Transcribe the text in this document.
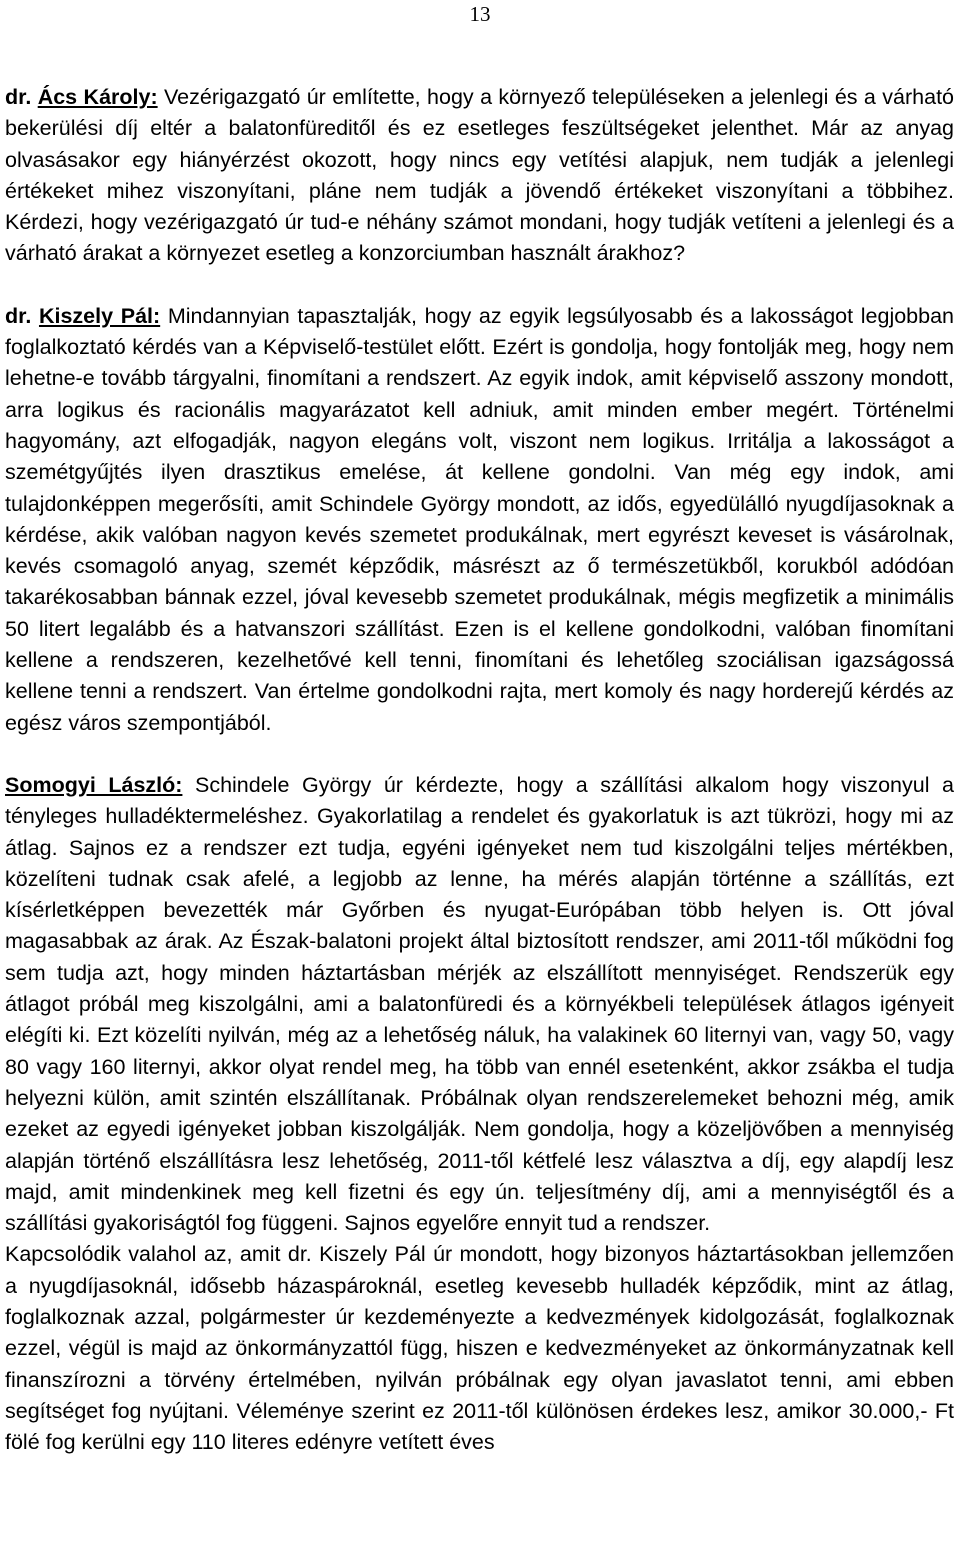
13

dr. Ács Károly: Vezérigazgató úr említette, hogy a környező településeken a jelenlegi és a várható bekerülési díj eltér a balatonfüreditől és ez esetleges feszültségeket jelenthet. Már az anyag olvasásakor egy hiányérzést okozott, hogy nincs egy vetítési alapjuk, nem tudják a jelenlegi értékeket mihez viszonyítani, pláne nem tudják a jövendő értékeket viszonyítani a többihez. Kérdezi, hogy vezérigazgató úr tud-e néhány számot mondani, hogy tudják vetíteni a jelenlegi és a várható árakat a környezet esetleg a konzorciumban használt árakhoz?

dr. Kiszely Pál: Mindannyian tapasztalják, hogy az egyik legsúlyosabb és a lakosságot legjobban foglalkoztató kérdés van a Képviselő-testület előtt. Ezért is gondolja, hogy fontolják meg, hogy nem lehetne-e tovább tárgyalni, finomítani a rendszert. Az egyik indok, amit képviselő asszony mondott, arra logikus és racionális magyarázatot kell adniuk, amit minden ember megért. Történelmi hagyomány, azt elfogadják, nagyon elegáns volt, viszont nem logikus. Irritálja a lakosságot a szemétgyűjtés ilyen drasztikus emelése, át kellene gondolni. Van még egy indok, ami tulajdonképpen megerősíti, amit Schindele György mondott, az idős, egyedülálló nyugdíjasoknak a kérdése, akik valóban nagyon kevés szemetet produkálnak, mert egyrészt keveset is vásárolnak, kevés csomagoló anyag, szemét képződik, másrészt az ő természetükből, korukból adódóan takarékosabban bánnak ezzel, jóval kevesebb szemetet produkálnak, mégis megfizetik a minimális 50 litert legalább és a hatvanszori szállítást. Ezen is el kellene gondolkodni, valóban finomítani kellene a rendszeren, kezelhetővé kell tenni, finomítani és lehetőleg szociálisan igazságossá kellene tenni a rendszert. Van értelme gondolkodni rajta, mert komoly és nagy horderejű kérdés az egész város szempontjából.

Somogyi László: Schindele György úr kérdezte, hogy a szállítási alkalom hogy viszonyul a tényleges hulladéktermeléshez. Gyakorlatilag a rendelet és gyakorlatuk is azt tükrözi, hogy mi az átlag. Sajnos ez a rendszer ezt tudja, egyéni igényeket nem tud kiszolgálni teljes mértékben, közelíteni tudnak csak afelé, a legjobb az lenne, ha mérés alapján történne a szállítás, ezt kísérletképpen bevezették már Győrben és nyugat-Európában több helyen is. Ott jóval magasabbak az árak. Az Észak-balatoni projekt által biztosított rendszer, ami 2011-től működni fog sem tudja azt, hogy minden háztartásban mérjék az elszállított mennyiséget. Rendszerük egy átlagot próbál meg kiszolgálni, ami a balatonfüredi és a környékbeli települések átlagos igényeit elégíti ki. Ezt közelíti nyilván, még az a lehetőség náluk, ha valakinek 60 liternyi van, vagy 50, vagy 80 vagy 160 liternyi, akkor olyat rendel meg, ha több van ennél esetenként, akkor zsákba el tudja helyezni külön, amit szintén elszállítanak. Próbálnak olyan rendszerelemeket behozni még, amik ezeket az egyedi igényeket jobban kiszolgálják. Nem gondolja, hogy a közeljövőben a mennyiség alapján történő elszállításra lesz lehetőség, 2011-től kétfelé lesz választva a díj, egy alapdíj lesz majd, amit mindenkinek meg kell fizetni és egy ún. teljesítmény díj, ami a mennyiségtől és a szállítási gyakoriságtól fog függeni. Sajnos egyelőre ennyit tud a rendszer.

Kapcsolódik valahol az, amit dr. Kiszely Pál úr mondott, hogy bizonyos háztartásokban jellemzően a nyugdíjasoknál, idősebb házaspároknál, esetleg kevesebb hulladék képződik, mint az átlag, foglalkoznak azzal, polgármester úr kezdeményezte a kedvezmények kidolgozását, foglalkoznak ezzel, végül is majd az önkormányzattól függ, hiszen e kedvezményeket az önkormányzatnak kell finanszírozni a törvény értelmében, nyilván próbálnak egy olyan javaslatot tenni, ami ebben segítséget fog nyújtani. Véleménye szerint ez 2011-től különösen érdekes lesz, amikor 30.000,- Ft fölé fog kerülni egy 110 literes edényre vetített éves
